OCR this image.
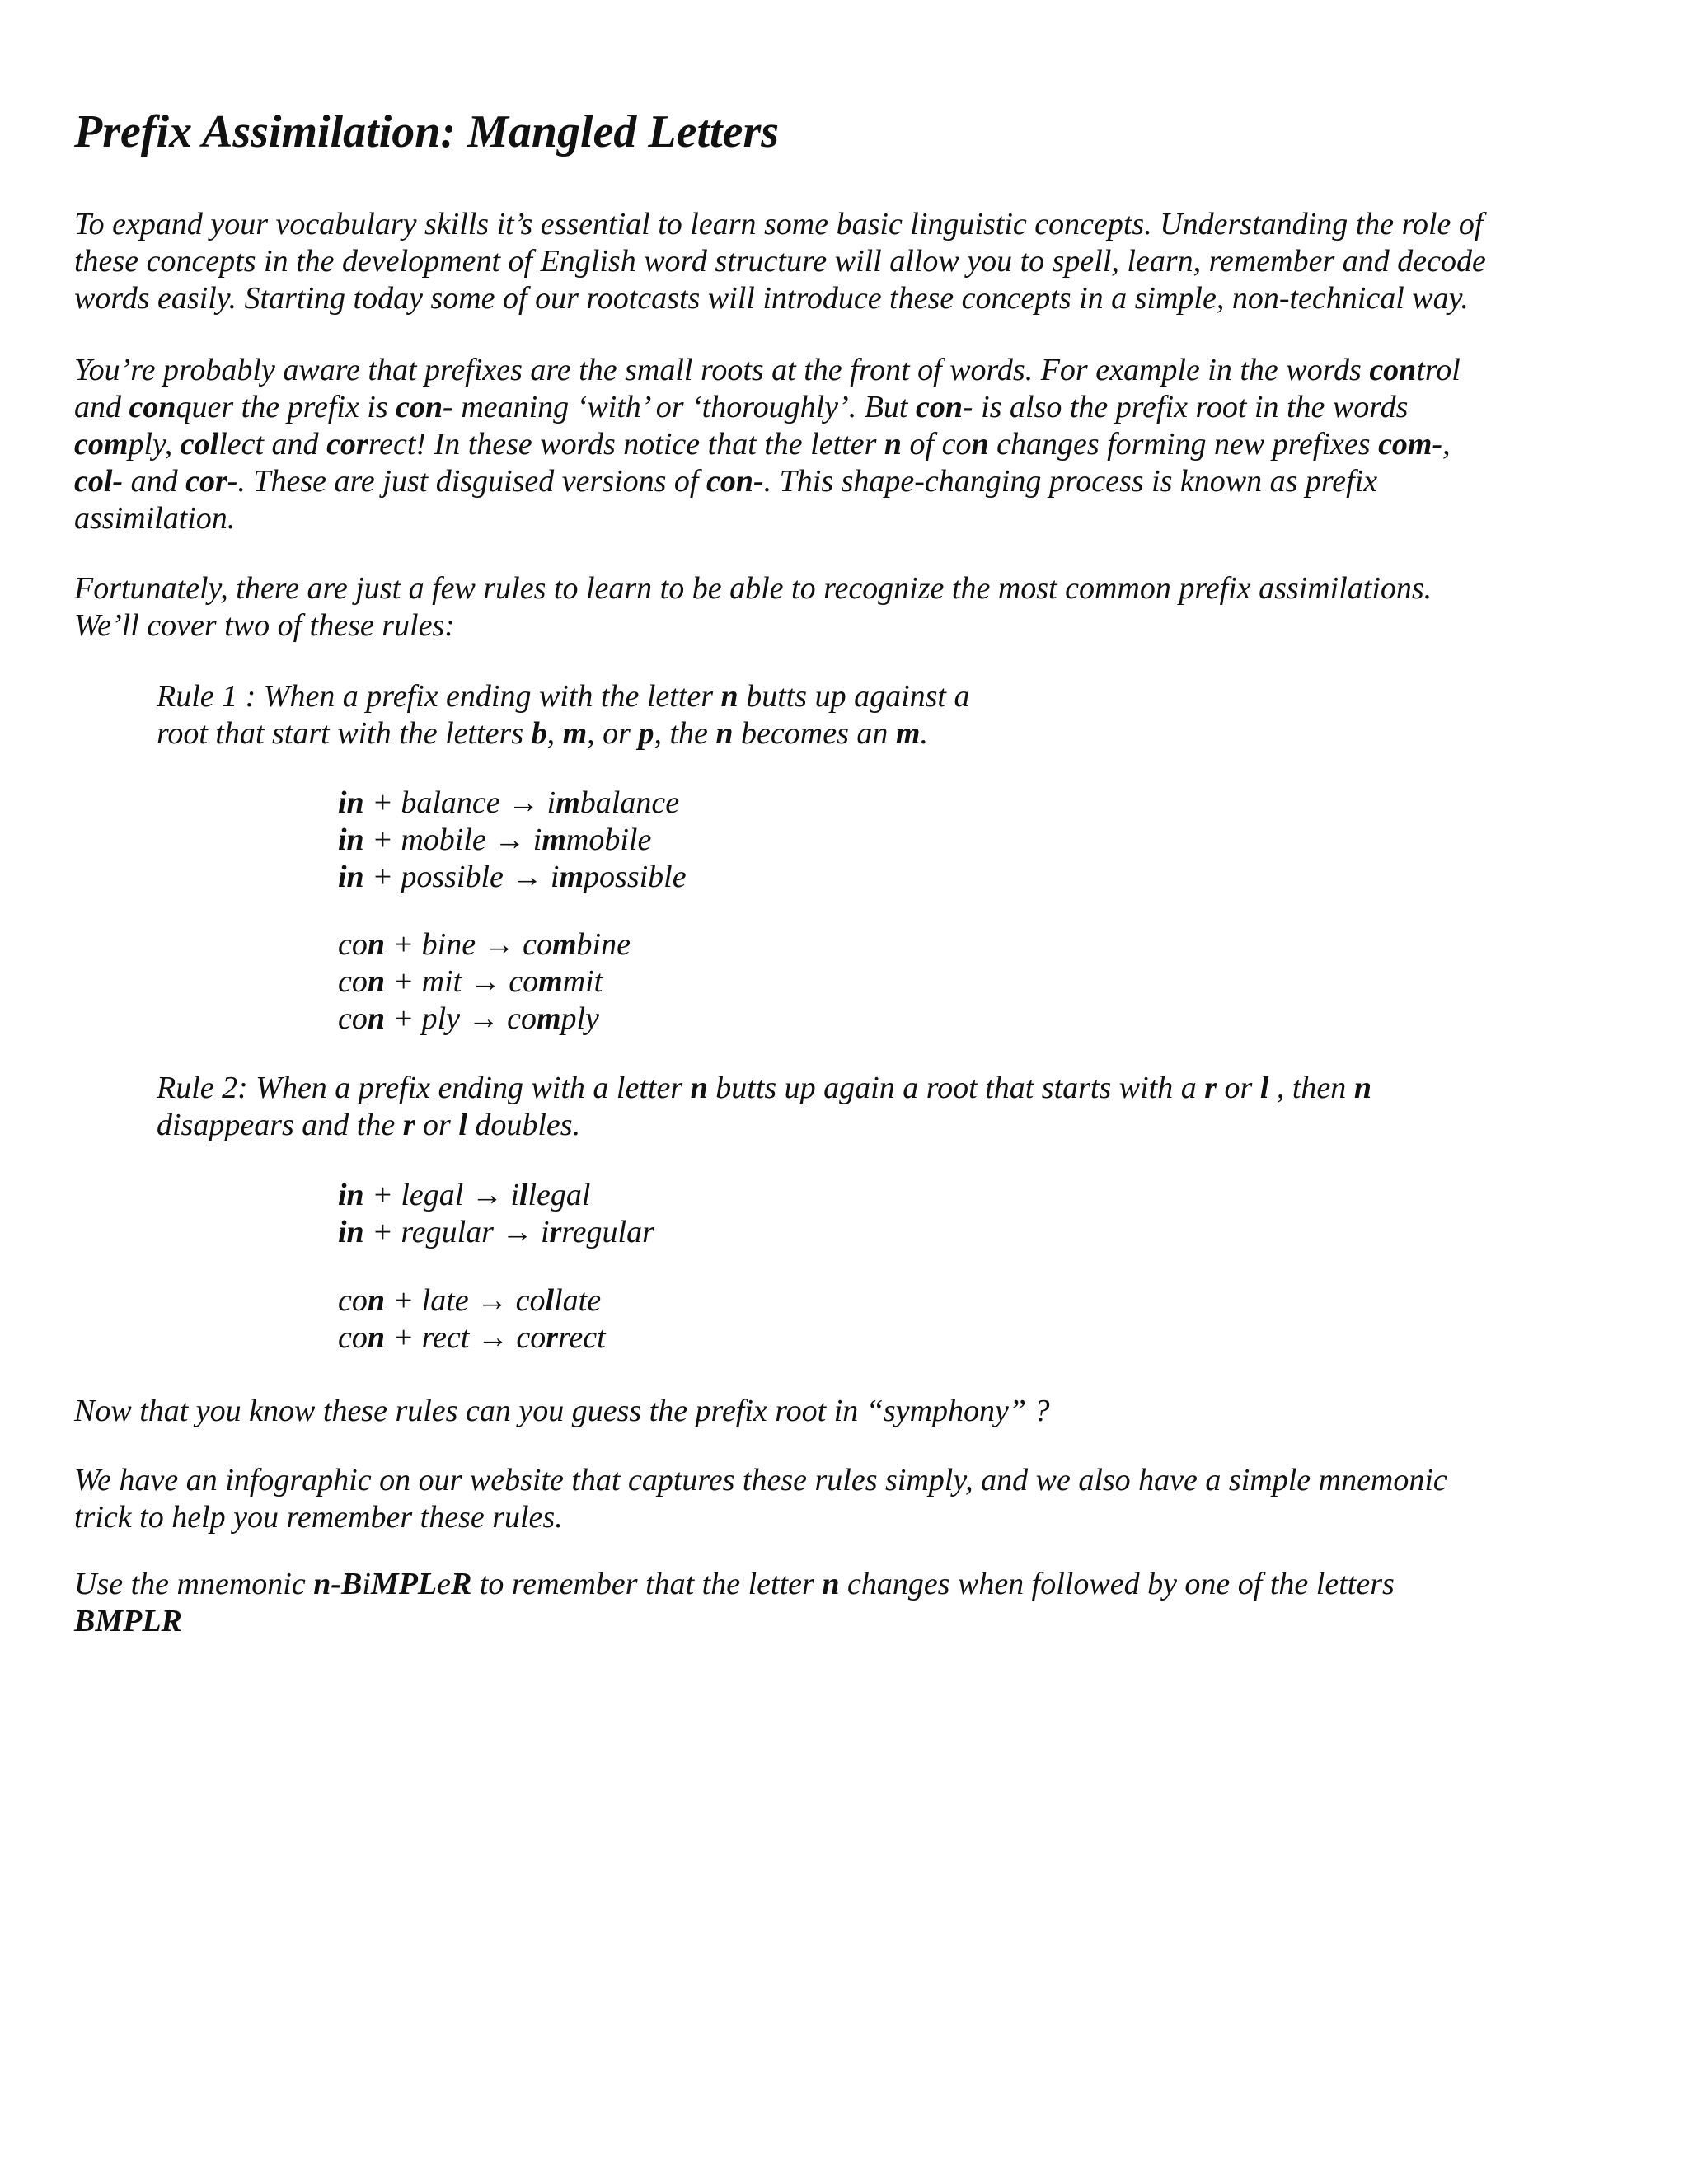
Prefix Assimilation: Mangled Letters

To expand your vocabulary skills it’s essential to learn some basic linguistic concepts. Understanding the role of
these concepts in the development of English word structure will allow you to spell, learn, remember and decode
words easily. Starting today some of our rootcasts will introduce these concepts in a simple, non-technical way.

You’re probably aware that prefixes are the small roots at the front of words. For example in the words control
and conquer the prefix is con- meaning ‘with’ or ‘thoroughly’. But con- is also the prefix root in the words
comply, collect and correct! In these words notice that the letter n of con changes forming new prefixes com-,
col- and cor-. These are just disguised versions of con-. This shape-changing process is known as prefix
assimilation.

Fortunately, there are just a few rules to learn to be able to recognize the most common prefix assimilations.
We’ll cover two of these rules:

Rule 1 : When a prefix ending with the letter n butts up against a
root that start with the letters b, m, or p, the n becomes an m.

in + balance → imbalance
in + mobile → immobile
in + possible → impossible

con + bine → combine
con + mit → commit
con + ply → comply

Rule 2: When a prefix ending with a letter n butts up again a root that starts with a r or l , then n
disappears and the r or l doubles.

in + legal → illegal
in + regular → irregular

con + late → collate
con + rect → correct

Now that you know these rules can you guess the prefix root in “symphony” ?

We have an infographic on our website that captures these rules simply, and we also have a simple mnemonic
trick to help you remember these rules.

Use the mnemonic n-BiMPLeR to remember that the letter n changes when followed by one of the letters
BMPLR
